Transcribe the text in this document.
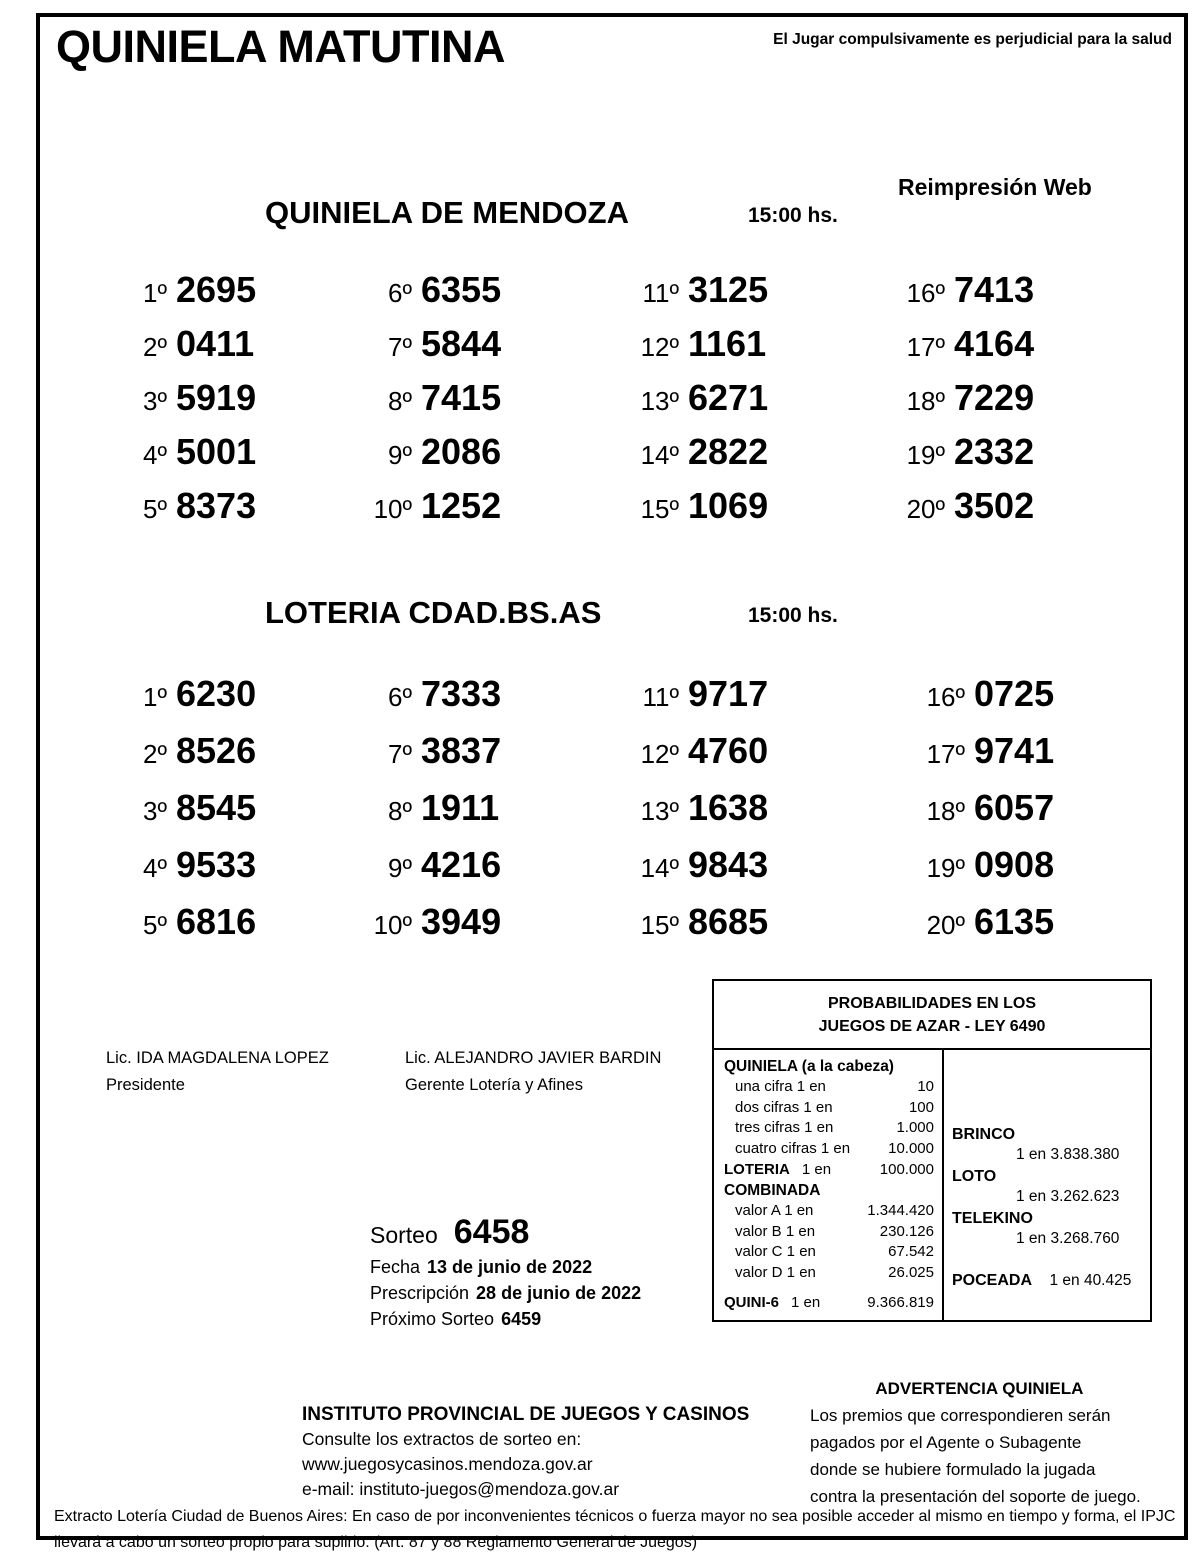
QUINIELA MATUTINA	El Jugar compulsivamente es perjudicial para la salud
QUINIELA DE MENDOZA	15:00 hs.
Reimpresión Web
1º 2695
2º 0411
3º 5919
4º 5001
5º 8373
6º 6355
7º 5844
8º 7415
9º 2086
10º 1252
11º 3125
12º 1161
13º 6271
14º 2822
15º 1069
16º 7413
17º 4164
18º 7229
19º 2332
20º 3502
LOTERIA CDAD.BS.AS	15:00 hs.
1º 6230
2º 8526
3º 8545
4º 9533
5º 6816
6º 7333
7º 3837
8º 1911
9º 4216
10º 3949
11º 9717
12º 4760
13º 1638
14º 9843
15º 8685
16º 0725
17º 9741
18º 6057
19º 0908
20º 6135
Lic. IDA MAGDALENA LOPEZ
Presidente
Lic. ALEJANDRO JAVIER BARDIN
Gerente Lotería y Afines
Sorteo 6458
Fecha 13 de junio de 2022
Prescripción 28 de junio de 2022
Próximo Sorteo 6459
PROBABILIDADES EN LOS
JUEGOS DE AZAR - LEY 6490
QUINIELA (a la cabeza)
una cifra 1 en	10
dos cifras 1 en	100
tres cifras 1 en	1.000
cuatro cifras 1 en	10.000
LOTERIA 1 en	100.000
COMBINADA
valor A 1 en	1.344.420
valor B 1 en	230.126
valor C 1 en	67.542
valor D 1 en	26.025
QUINI-6 1 en	9.366.819
BRINCO
1 en 3.838.380
LOTO
1 en 3.262.623
TELEKINO
1 en 3.268.760
POCEADA 1 en 40.425
INSTITUTO PROVINCIAL DE JUEGOS Y CASINOS
Consulte los extractos de sorteo en:
www.juegosycasinos.mendoza.gov.ar
e-mail: instituto-juegos@mendoza.gov.ar
ADVERTENCIA QUINIELA
Los premios que correspondieren serán
pagados por el Agente o Subagente
donde se hubiere formulado la jugada
contra la presentación del soporte de juego.
Extracto Lotería Ciudad de Buenos Aires: En caso de por inconvenientes técnicos o fuerza mayor no sea posible acceder al mismo en tiempo y forma, el IPJC llevará a cabo un sorteo propio para suplirlo. (Art. 87 y 88 Reglamento General de Juegos)
